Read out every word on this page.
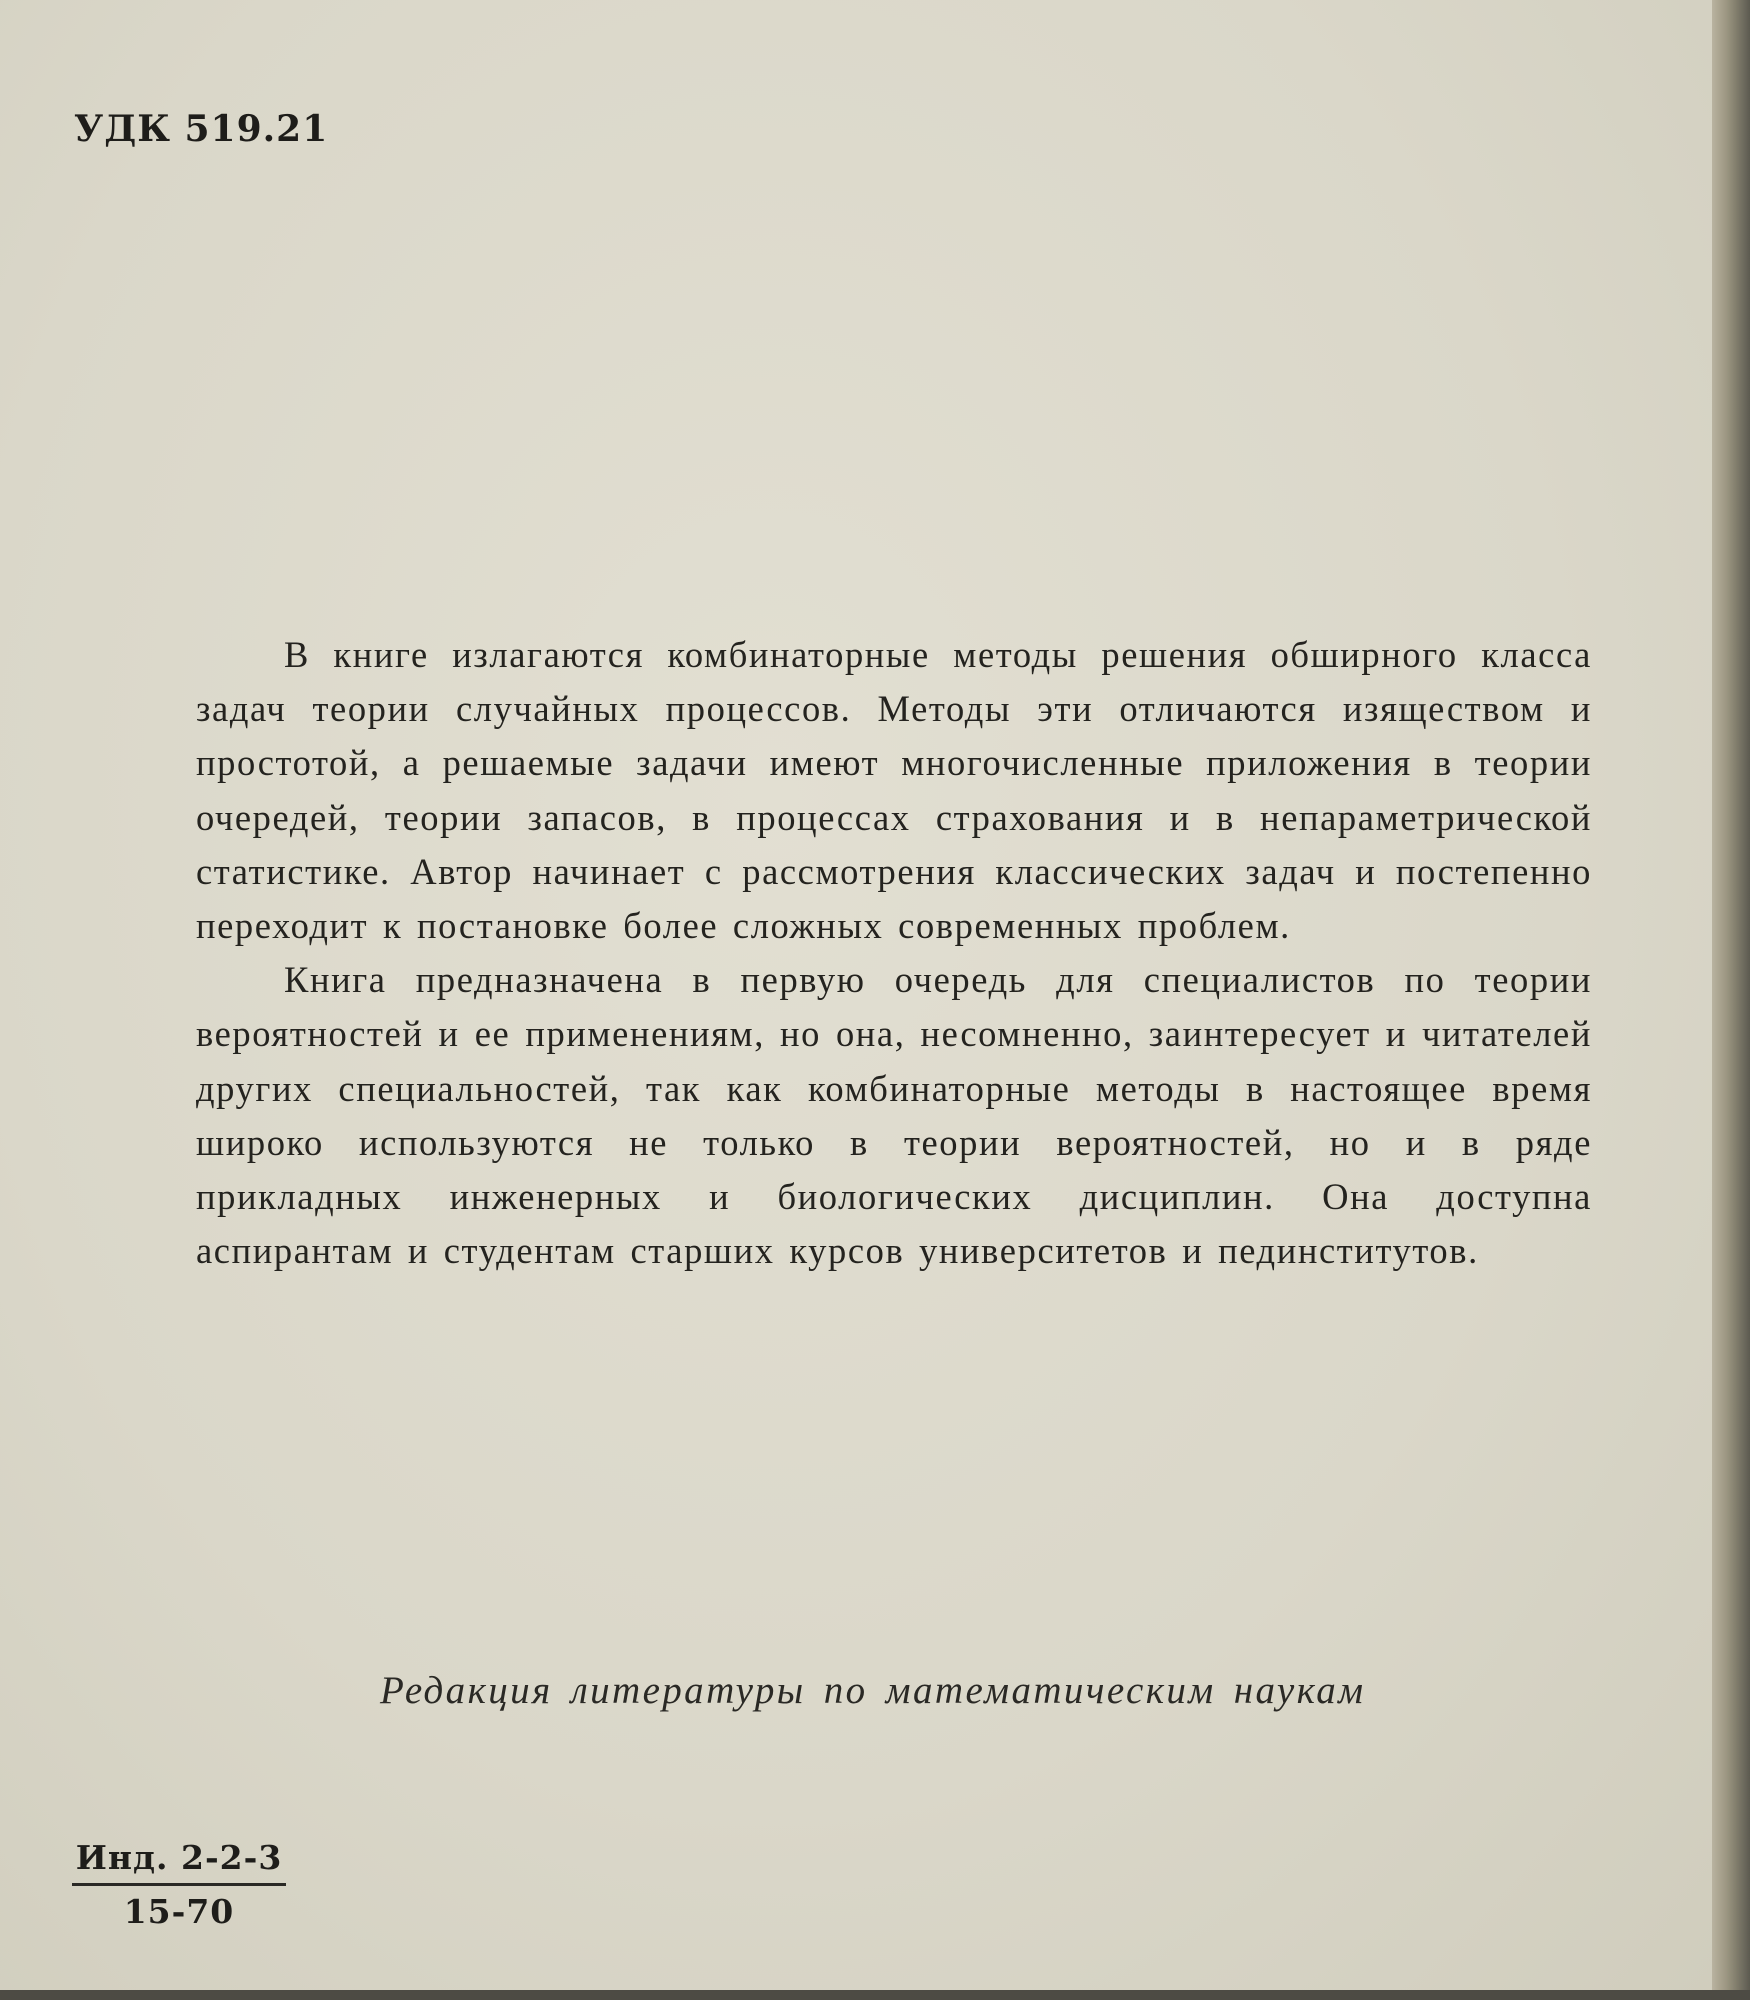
УДК 519.21

В книге излагаются комбинаторные методы решения обширного класса задач теории случайных процессов. Методы эти отличаются изяществом и простотой, а решаемые задачи имеют многочисленные приложения в теории очередей, теории запасов, в процессах страхования и в непараметрической статистике. Автор начинает с рассмотрения классических задач и постепенно переходит к постановке более сложных современных проблем.

Книга предназначена в первую очередь для специалистов по теории вероятностей и ее применениям, но она, несомненно, заинтересует и читателей других специальностей, так как комбинаторные методы в настоящее время широко используются не только в теории вероятностей, но и в ряде прикладных инженерных и биологических дисциплин. Она доступна аспирантам и студентам старших курсов университетов и пединститутов.

Редакция литературы по математическим наукам

Инд. 2-2-3
15-70
